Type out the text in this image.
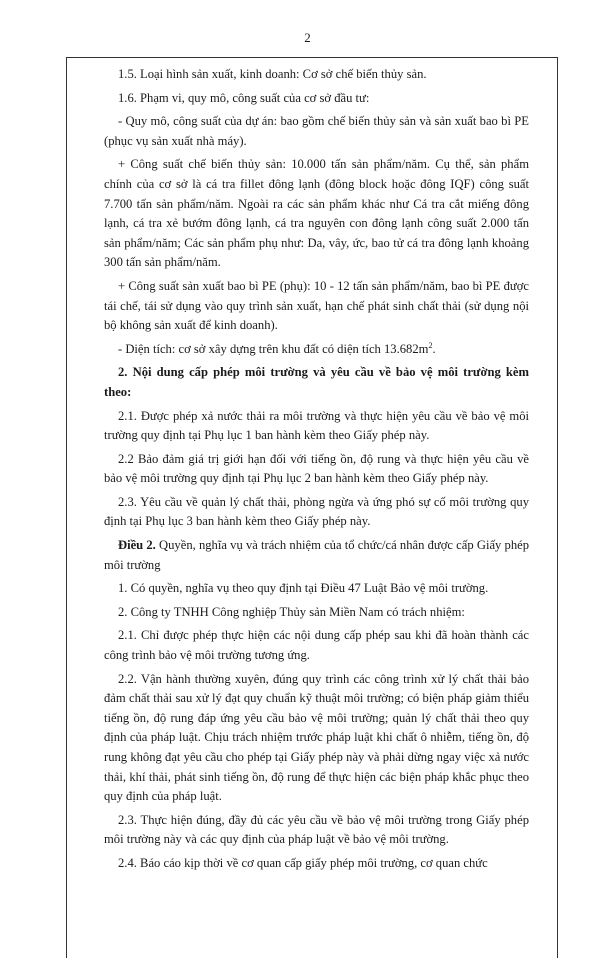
2

1.5. Loại hình sản xuất, kinh doanh: Cơ sở chế biến thủy sản.

1.6. Phạm vi, quy mô, công suất của cơ sở đầu tư:

- Quy mô, công suất của dự án: bao gồm chế biến thủy sản và sản xuất bao bì PE (phục vụ sản xuất nhà máy).

+ Công suất chế biến thủy sản: 10.000 tấn sản phẩm/năm. Cụ thể, sản phẩm chính của cơ sở là cá tra fillet đông lạnh (đông block hoặc đông IQF) công suất 7.700 tấn sản phẩm/năm. Ngoài ra các sản phẩm khác như Cá tra cắt miếng đông lạnh, cá tra xẻ bướm đông lạnh, cá tra nguyên con đông lạnh công suất 2.000 tấn sản phẩm/năm; Các sản phẩm phụ như: Da, vây, ức, bao tử cá tra đông lạnh khoảng 300 tấn sản phẩm/năm.

+ Công suất sản xuất bao bì PE (phụ): 10 - 12 tấn sản phẩm/năm, bao bì PE được tái chế, tái sử dụng vào quy trình sản xuất, hạn chế phát sinh chất thải (sử dụng nội bộ không sản xuất để kinh doanh).

- Diện tích: cơ sở xây dựng trên khu đất có diện tích $13.682m^2$.

2. Nội dung cấp phép môi trường và yêu cầu về bảo vệ môi trường kèm theo:

2.1. Được phép xả nước thải ra môi trường và thực hiện yêu cầu về bảo vệ môi trường quy định tại Phụ lục 1 ban hành kèm theo Giấy phép này.

2.2 Bảo đảm giá trị giới hạn đối với tiếng ồn, độ rung và thực hiện yêu cầu về bảo vệ môi trường quy định tại Phụ lục 2 ban hành kèm theo Giấy phép này.

2.3. Yêu cầu về quản lý chất thải, phòng ngừa và ứng phó sự cố môi trường quy định tại Phụ lục 3 ban hành kèm theo Giấy phép này.

Điều 2. Quyền, nghĩa vụ và trách nhiệm của tổ chức/cá nhân được cấp Giấy phép môi trường

1. Có quyền, nghĩa vụ theo quy định tại Điều 47 Luật Bảo vệ môi trường.

2. Công ty TNHH Công nghiệp Thủy sản Miền Nam có trách nhiệm:

2.1. Chỉ được phép thực hiện các nội dung cấp phép sau khi đã hoàn thành các công trình bảo vệ môi trường tương ứng.

2.2. Vận hành thường xuyên, đúng quy trình các công trình xử lý chất thải bảo đảm chất thải sau xử lý đạt quy chuẩn kỹ thuật môi trường; có biện pháp giảm thiểu tiếng ồn, độ rung đáp ứng yêu cầu bảo vệ môi trường; quản lý chất thải theo quy định của pháp luật. Chịu trách nhiệm trước pháp luật khi chất ô nhiễm, tiếng ồn, độ rung không đạt yêu cầu cho phép tại Giấy phép này và phải dừng ngay việc xả nước thải, khí thải, phát sinh tiếng ồn, độ rung để thực hiện các biện pháp khắc phục theo quy định của pháp luật.

2.3. Thực hiện đúng, đầy đủ các yêu cầu về bảo vệ môi trường trong Giấy phép môi trường này và các quy định của pháp luật về bảo vệ môi trường.

2.4. Báo cáo kịp thời về cơ quan cấp giấy phép môi trường, cơ quan chức
